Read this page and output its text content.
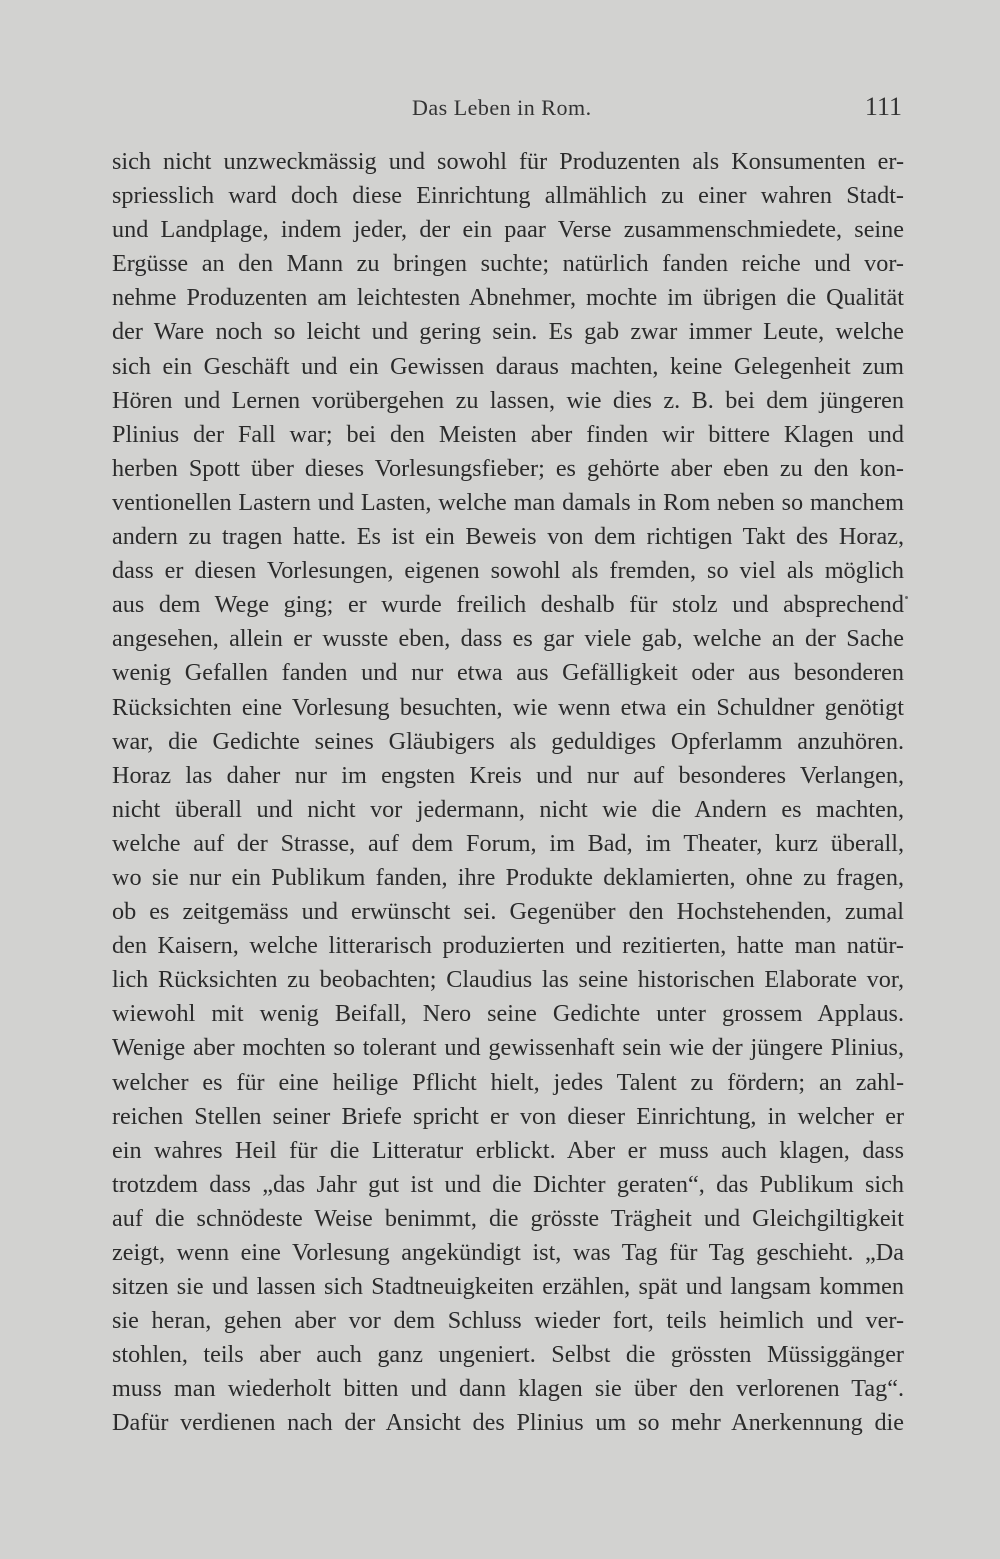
Das Leben in Rom.	111
sich nicht unzweckmässig und sowohl für Produzenten als Konsumenten er-
spriesslich ward doch diese Einrichtung allmählich zu einer wahren Stadt-
und Landplage, indem jeder, der ein paar Verse zusammenschmiedete, seine
Ergüsse an den Mann zu bringen suchte; natürlich fanden reiche und vor-
nehme Produzenten am leichtesten Abnehmer, mochte im übrigen die Qualität
der Ware noch so leicht und gering sein. Es gab zwar immer Leute, welche
sich ein Geschäft und ein Gewissen daraus machten, keine Gelegenheit zum
Hören und Lernen vorübergehen zu lassen, wie dies z. B. bei dem jüngeren
Plinius der Fall war; bei den Meisten aber finden wir bittere Klagen und
herben Spott über dieses Vorlesungsfieber; es gehörte aber eben zu den kon-
ventionellen Lastern und Lasten, welche man damals in Rom neben so manchem
andern zu tragen hatte. Es ist ein Beweis von dem richtigen Takt des Horaz,
dass er diesen Vorlesungen, eigenen sowohl als fremden, so viel als möglich
aus dem Wege ging; er wurde freilich deshalb für stolz und absprechend
angesehen, allein er wusste eben, dass es gar viele gab, welche an der Sache
wenig Gefallen fanden und nur etwa aus Gefälligkeit oder aus besonderen
Rücksichten eine Vorlesung besuchten, wie wenn etwa ein Schuldner genötigt
war, die Gedichte seines Gläubigers als geduldiges Opferlamm anzuhören.
Horaz las daher nur im engsten Kreis und nur auf besonderes Verlangen,
nicht überall und nicht vor jedermann, nicht wie die Andern es machten,
welche auf der Strasse, auf dem Forum, im Bad, im Theater, kurz überall,
wo sie nur ein Publikum fanden, ihre Produkte deklamierten, ohne zu fragen,
ob es zeitgemäss und erwünscht sei. Gegenüber den Hochstehenden, zumal
den Kaisern, welche litterarisch produzierten und rezitierten, hatte man natür-
lich Rücksichten zu beobachten; Claudius las seine historischen Elaborate vor,
wiewohl mit wenig Beifall, Nero seine Gedichte unter grossem Applaus.
Wenige aber mochten so tolerant und gewissenhaft sein wie der jüngere Plinius,
welcher es für eine heilige Pflicht hielt, jedes Talent zu fördern; an zahl-
reichen Stellen seiner Briefe spricht er von dieser Einrichtung, in welcher er
ein wahres Heil für die Litteratur erblickt. Aber er muss auch klagen, dass
trotzdem dass „das Jahr gut ist und die Dichter geraten“, das Publikum sich
auf die schnödeste Weise benimmt, die grösste Trägheit und Gleichgiltigkeit
zeigt, wenn eine Vorlesung angekündigt ist, was Tag für Tag geschieht. „Da
sitzen sie und lassen sich Stadtneuigkeiten erzählen, spät und langsam kommen
sie heran, gehen aber vor dem Schluss wieder fort, teils heimlich und ver-
stohlen, teils aber auch ganz ungeniert. Selbst die grössten Müssiggänger
muss man wiederholt bitten und dann klagen sie über den verlorenen Tag“.
Dafür verdienen nach der Ansicht des Plinius um so mehr Anerkennung die
